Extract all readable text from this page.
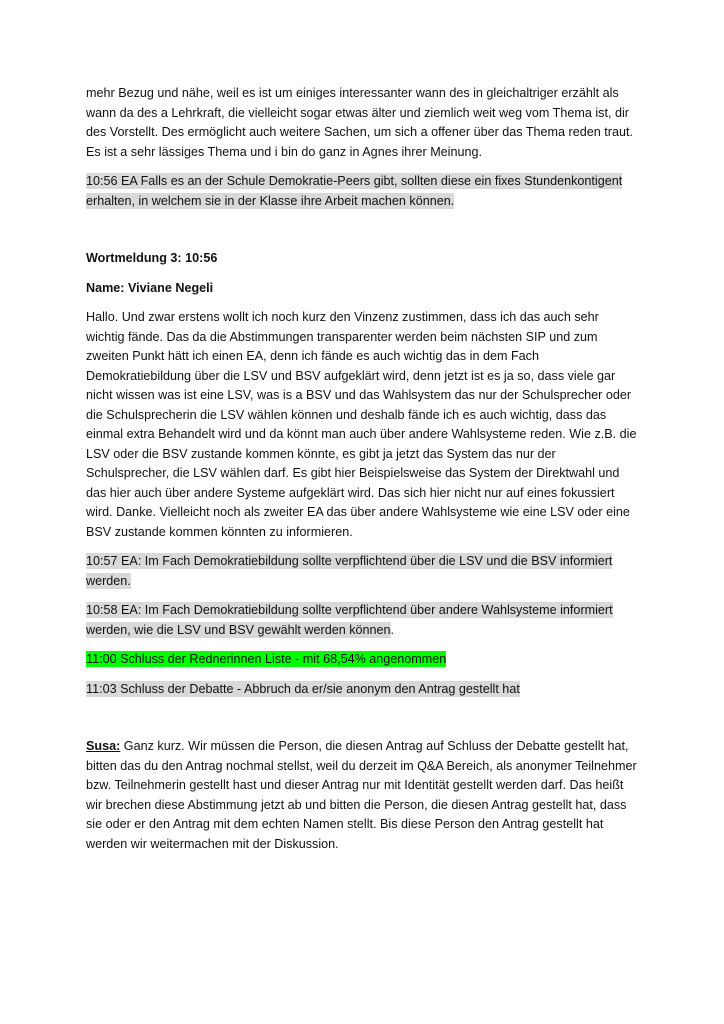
mehr Bezug und nähe, weil es ist um einiges interessanter wann des in gleichaltriger erzählt als wann da des a Lehrkraft, die vielleicht sogar etwas älter und ziemlich weit weg vom Thema ist, dir des Vorstellt. Des ermöglicht auch weitere Sachen, um sich a offener über das Thema reden traut. Es ist a sehr lässiges Thema und i bin do ganz in Agnes ihrer Meinung.

10:56 EA Falls es an der Schule Demokratie-Peers gibt, sollten diese ein fixes Stundenkontigent erhalten, in welchem sie in der Klasse ihre Arbeit machen können.

Wortmeldung 3: 10:56

Name: Viviane Negeli

Hallo. Und zwar erstens wollt ich noch kurz den Vinzenz zustimmen, dass ich das auch sehr wichtig fände. Das da die Abstimmungen transparenter werden beim nächsten SIP und zum zweiten Punkt hätt ich einen EA, denn ich fände es auch wichtig das in dem Fach Demokratiebildung über die LSV und BSV aufgeklärt wird, denn jetzt ist es ja so, dass viele gar nicht wissen was ist eine LSV, was is a BSV und das Wahlsystem das nur der Schulsprecher oder die Schulsprecherin die LSV wählen können und deshalb fände ich es auch wichtig, dass das einmal extra Behandelt wird und da könnt man auch über andere Wahlsysteme reden. Wie z.B. die LSV oder die BSV zustande kommen könnte, es gibt ja jetzt das System das nur der Schulsprecher, die LSV wählen darf. Es gibt hier Beispielsweise das System der Direktwahl und das hier auch über andere Systeme aufgeklärt wird. Das sich hier nicht nur auf eines fokussiert wird. Danke. Vielleicht noch als zweiter EA das über andere Wahlsysteme wie eine LSV oder eine BSV zustande kommen könnten zu informieren.

10:57 EA: Im Fach Demokratiebildung sollte verpflichtend über die LSV und die BSV informiert werden.

10:58 EA: Im Fach Demokratiebildung sollte verpflichtend über andere Wahlsysteme informiert werden, wie die LSV und BSV gewählt werden können.

11:00 Schluss der Rednerinnen Liste - mit 68,54% angenommen

11:03 Schluss der Debatte - Abbruch da er/sie anonym den Antrag gestellt hat

Susa: Ganz kurz. Wir müssen die Person, die diesen Antrag auf Schluss der Debatte gestellt hat, bitten das du den Antrag nochmal stellst, weil du derzeit im Q&A Bereich, als anonymer Teilnehmer bzw. Teilnehmerin gestellt hast und dieser Antrag nur mit Identität gestellt werden darf. Das heißt wir brechen diese Abstimmung jetzt ab und bitten die Person, die diesen Antrag gestellt hat, dass sie oder er den Antrag mit dem echten Namen stellt. Bis diese Person den Antrag gestellt hat werden wir weitermachen mit der Diskussion.
